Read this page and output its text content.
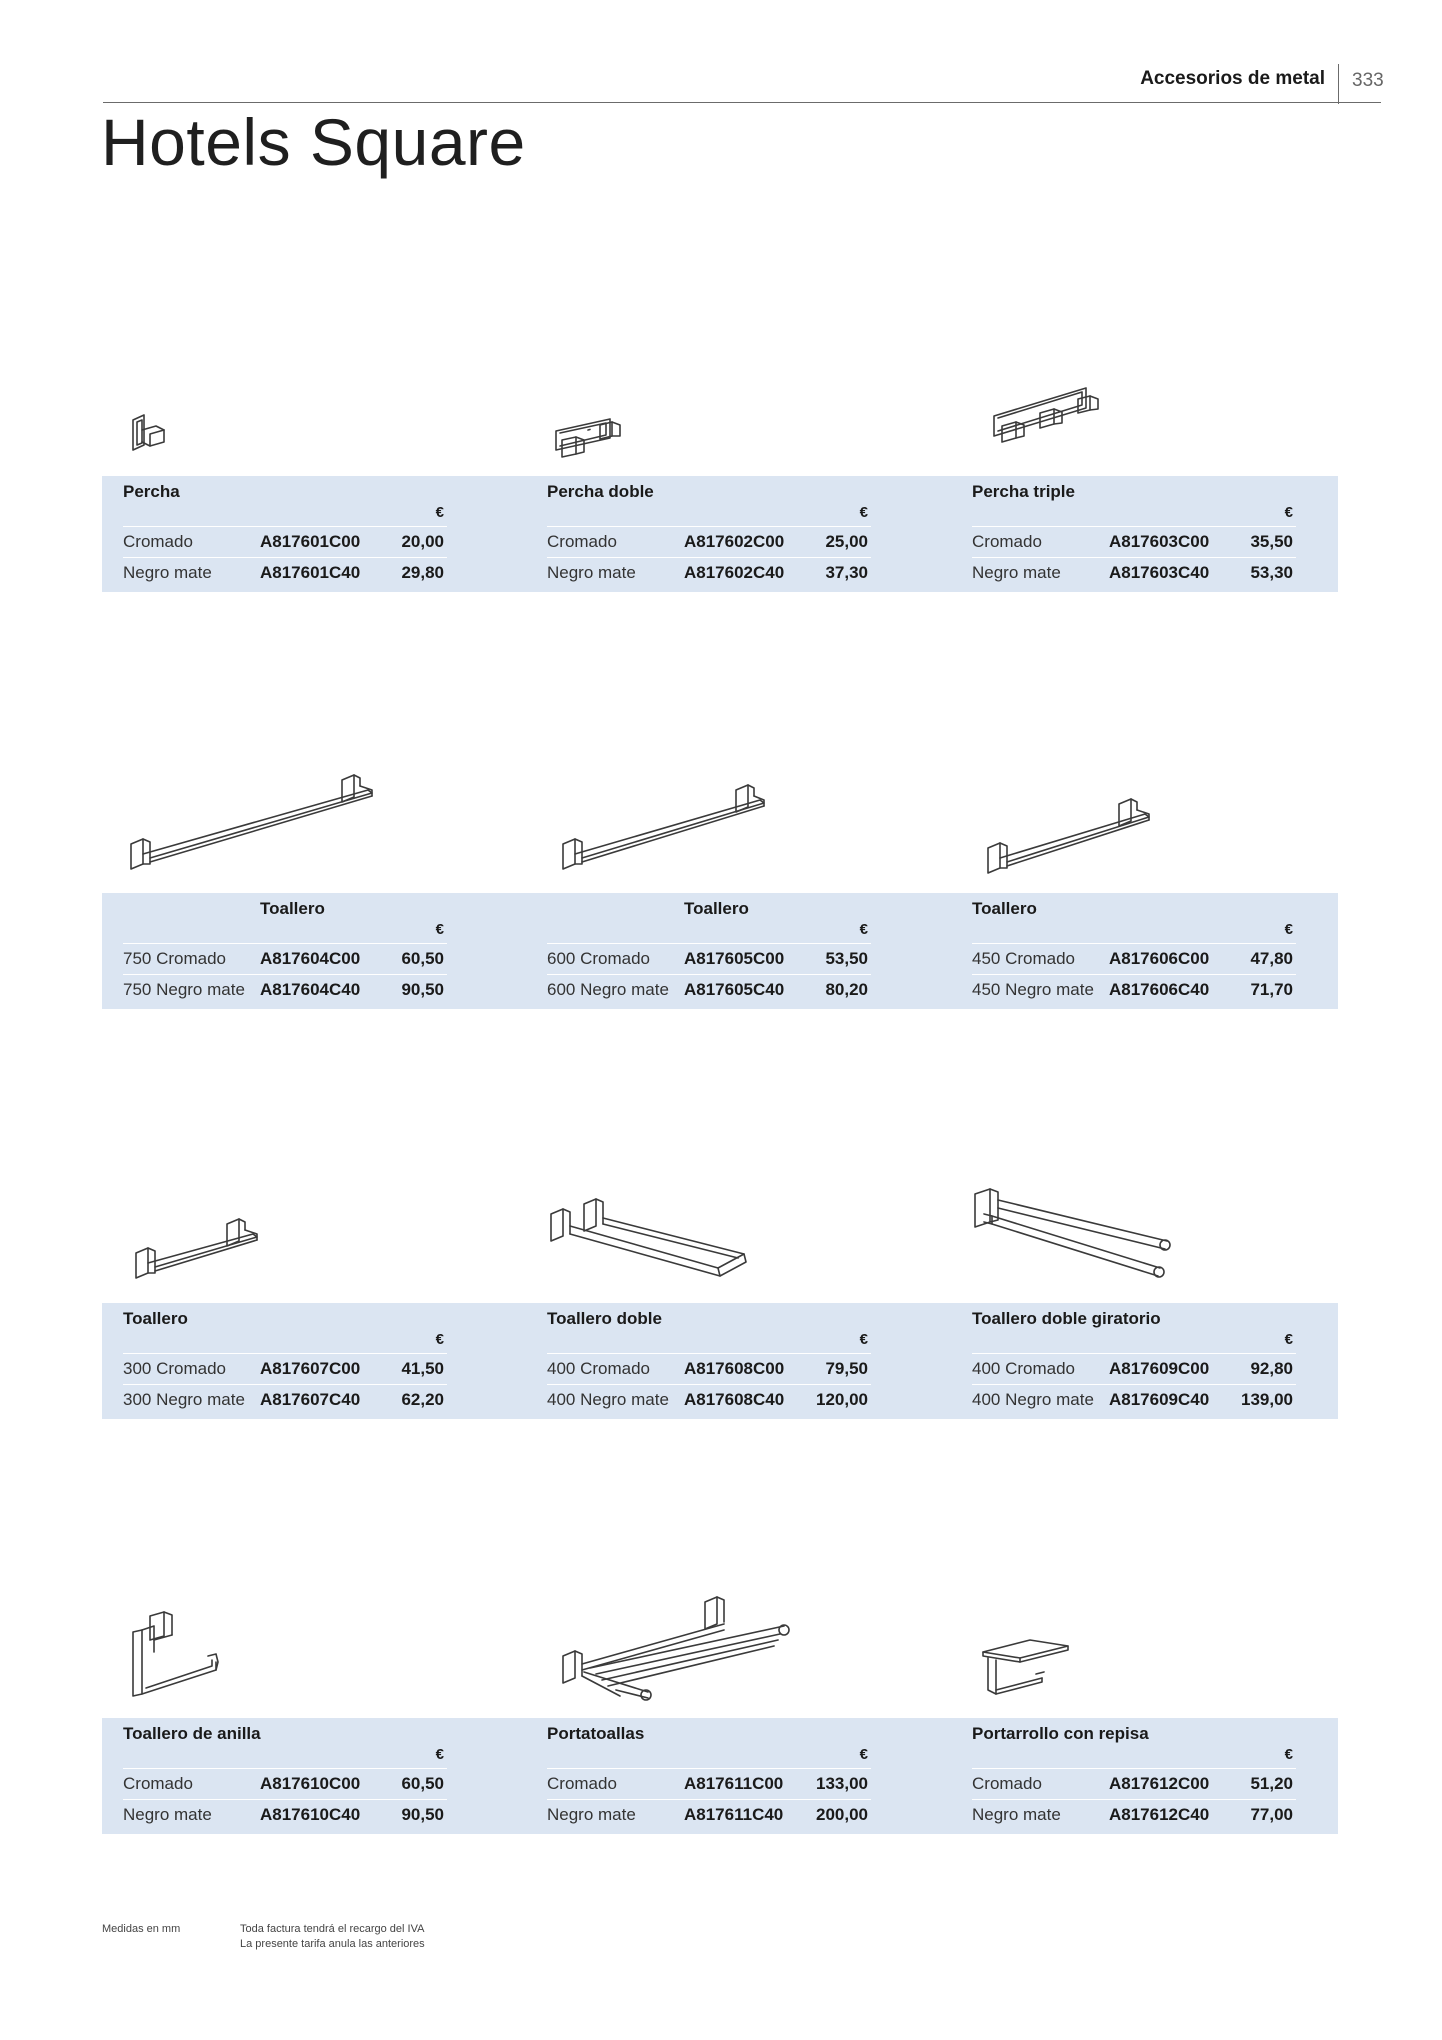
Accesorios de metal 333
Hotels Square
Percha
€
Cromado	A817601C00 20,00
Negro mate	A817601C40 29,80
Percha doble
€
Cromado	A817602C00 25,00
Negro mate	A817602C40 37,30
Percha triple
€
Cromado	A817603C00 35,50
Negro mate	A817603C40 53,30
Toallero
€
750 Cromado A817604C00 60,50
750 Negro mate A817604C40 90,50
Toallero
€
600 Cromado A817605C00 53,50
600 Negro mate A817605C40 80,20
Toallero
€
450 Cromado A817606C00 47,80
450 Negro mate A817606C40 71,70
Toallero
€
300 Cromado A817607C00 41,50
300 Negro mate A817607C40 62,20
Toallero doble
€
400 Cromado A817608C00 79,50
400 Negro mate A817608C40 120,00
Toallero doble giratorio
€
400 Cromado A817609C00 92,80
400 Negro mate A817609C40 139,00
Toallero de anilla
€
Cromado	A817610C00 60,50
Negro mate	A817610C40 90,50
Portatoallas
€
Cromado	A817611C00 133,00
Negro mate	A817611C40 200,00
Portarrollo con repisa
€
Cromado	A817612C00 51,20
Negro mate	A817612C40 77,00
Medidas en mm	Toda factura tendrá el recargo del IVA
La presente tarifa anula las anteriores
